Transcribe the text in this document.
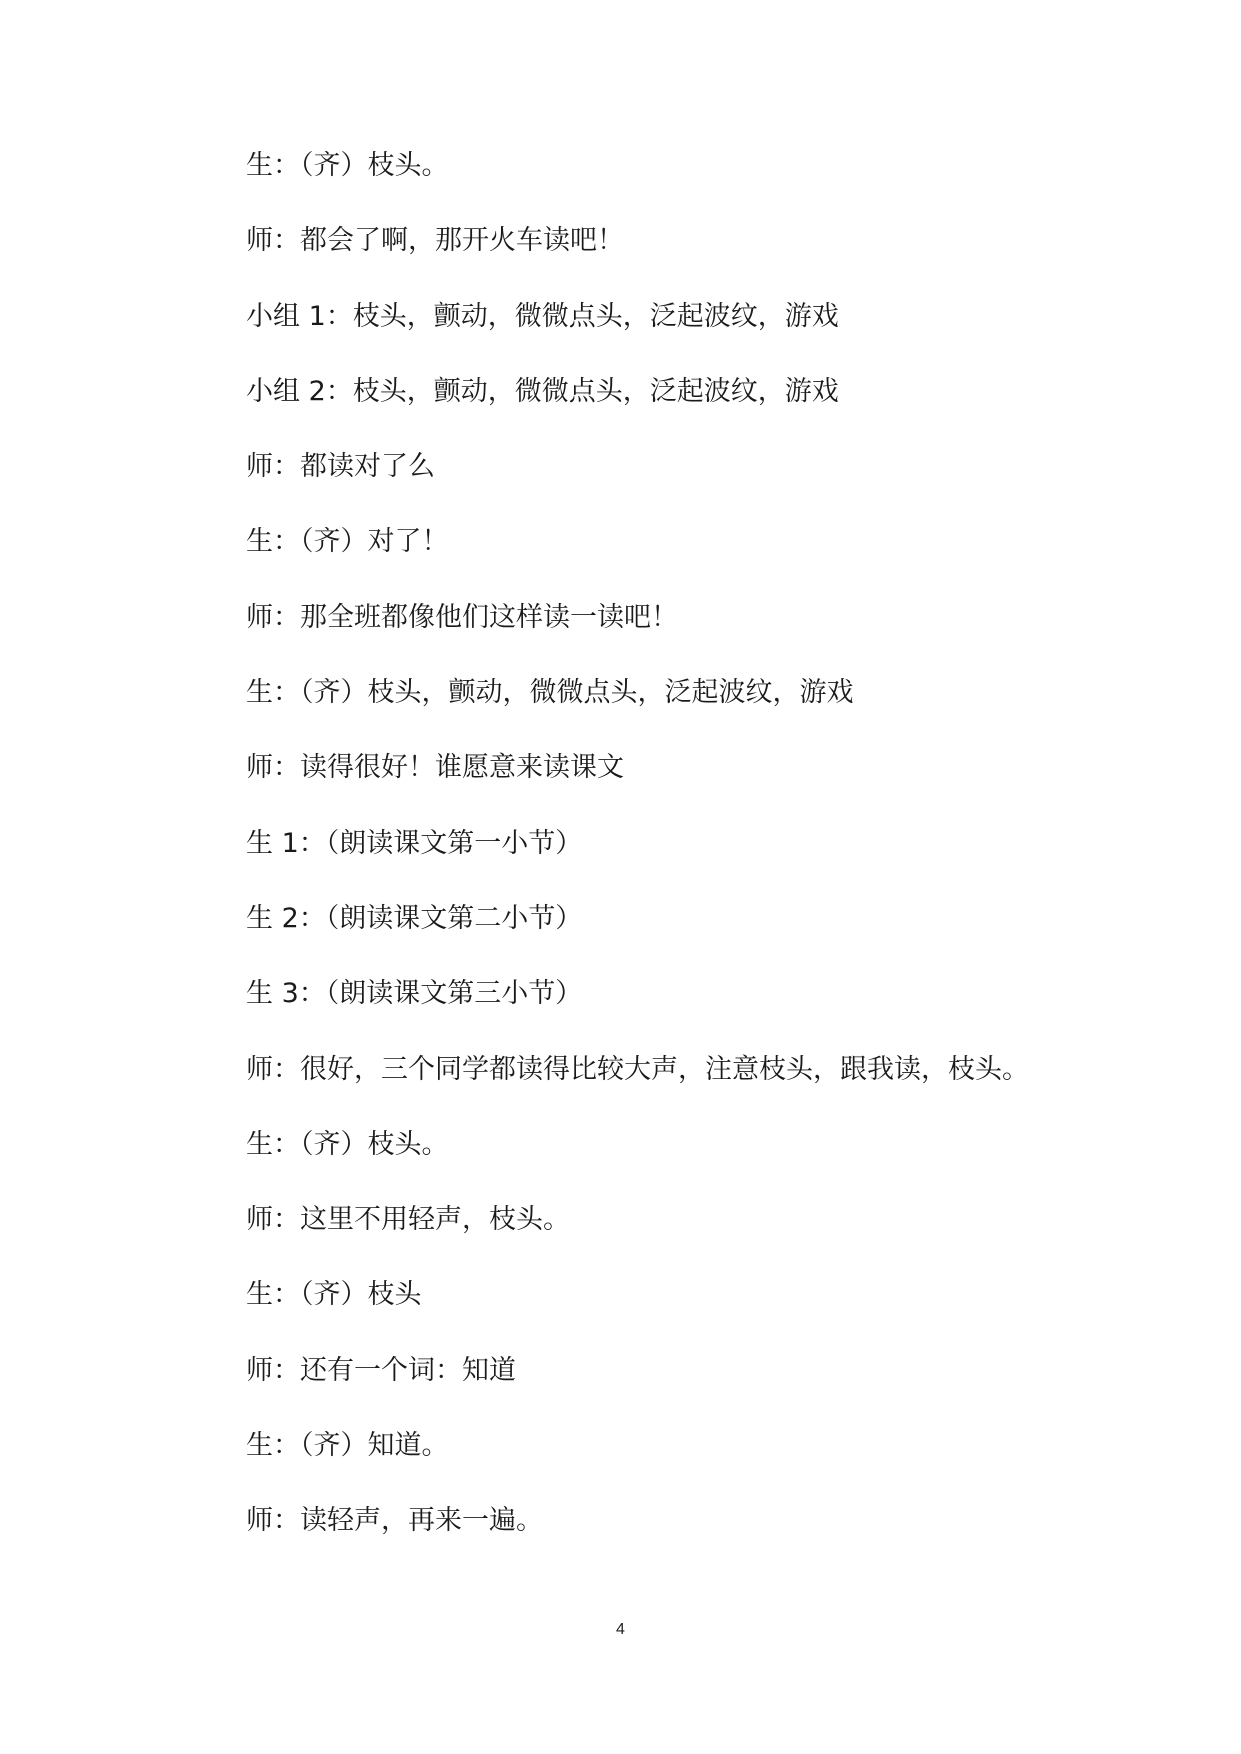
生：（齐）枝头。
师：都会了啊，那开火车读吧！
小组 1：枝头，颤动，微微点头，泛起波纹，游戏
小组 2：枝头，颤动，微微点头，泛起波纹，游戏
师：都读对了么
生：（齐）对了！
师：那全班都像他们这样读一读吧！
生：（齐）枝头，颤动，微微点头，泛起波纹，游戏
师：读得很好！谁愿意来读课文
生 1：（朗读课文第一小节）
生 2：（朗读课文第二小节）
生 3：（朗读课文第三小节）
师：很好，三个同学都读得比较大声，注意枝头，跟我读，枝头。
生：（齐）枝头。
师：这里不用轻声，枝头。
生：（齐）枝头
师：还有一个词：知道
生：（齐）知道。
师：读轻声，再来一遍。
4
